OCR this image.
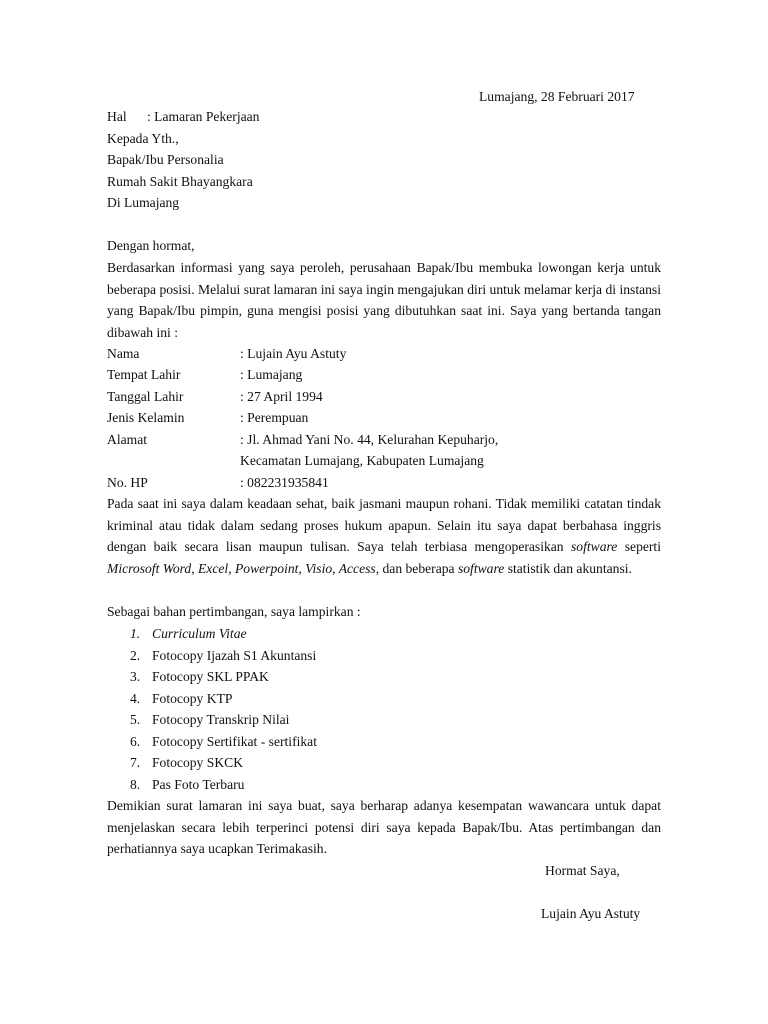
Lumajang, 28 Februari 2017
Hal : Lamaran Pekerjaan
Kepada Yth.,
Bapak/Ibu Personalia
Rumah Sakit Bhayangkara
Di Lumajang
Dengan hormat,
Berdasarkan informasi yang saya peroleh, perusahaan Bapak/Ibu membuka lowongan kerja untuk beberapa posisi. Melalui surat lamaran ini saya ingin mengajukan diri untuk melamar kerja di instansi yang Bapak/Ibu pimpin, guna mengisi posisi yang dibutuhkan saat ini. Saya yang bertanda tangan dibawah ini :
Nama	: Lujain Ayu Astuty
Tempat Lahir	: Lumajang
Tanggal Lahir	: 27 April 1994
Jenis Kelamin	: Perempuan
Alamat	: Jl. Ahmad Yani No. 44, Kelurahan Kepuharjo,
Kecamatan Lumajang, Kabupaten Lumajang
No. HP	: 082231935841
Pada saat ini saya dalam keadaan sehat, baik jasmani maupun rohani. Tidak memiliki catatan tindak kriminal atau tidak dalam sedang proses hukum apapun. Selain itu saya dapat berbahasa inggris dengan baik secara lisan maupun tulisan. Saya telah terbiasa mengoperasikan software seperti Microsoft Word, Excel, Powerpoint, Visio, Access, dan beberapa software statistik dan akuntansi.
Sebagai bahan pertimbangan, saya lampirkan :
1. Curriculum Vitae
2. Fotocopy Ijazah S1 Akuntansi
3. Fotocopy SKL PPAK
4. Fotocopy KTP
5. Fotocopy Transkrip Nilai
6. Fotocopy Sertifikat - sertifikat
7. Fotocopy SKCK
8. Pas Foto Terbaru
Demikian surat lamaran ini saya buat, saya berharap adanya kesempatan wawancara untuk dapat menjelaskan secara lebih terperinci potensi diri saya kepada Bapak/Ibu. Atas pertimbangan dan perhatiannya saya ucapkan Terimakasih.
Hormat Saya,
Lujain Ayu Astuty
